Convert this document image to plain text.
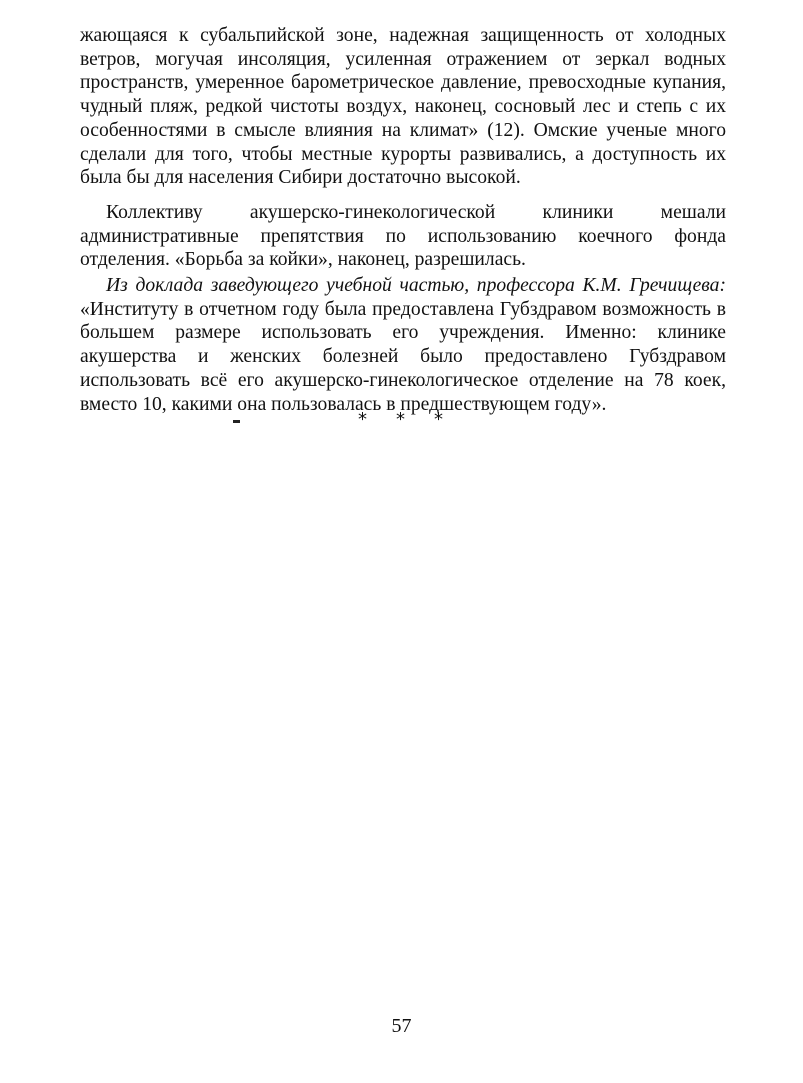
жающаяся к субальпийской зоне, надежная защищенность от холодных ветров, могучая инсоляция, усиленная отражением от зеркал водных пространств, умеренное барометрическое давление, превосходные купания, чудный пляж, редкой чистоты воздух, наконец, сосновый лес и степь с их особенностями в смысле влияния на климат» (12). Омские ученые много сделали для того, чтобы местные курорты развивались, а доступность их была бы для населения Сибири достаточно высокой.

Коллективу акушерско-гинекологической клиники мешали административные препятствия по использованию коечного фонда отделения. «Борьба за койки», наконец, разрешилась.

Из доклада заведующего учебной частью, профессора К.М. Гречищева: «Институту в отчетном году была предоставлена Губздравом возможность в большем размере использовать его учреждения. Именно: клинике акушерства и женских болезней было предоставлено Губздравом использовать всё его акушерско-гинекологическое отделение на 78 коек, вместо 10, какими она пользовалась в предшествующем году».

* * *
57
